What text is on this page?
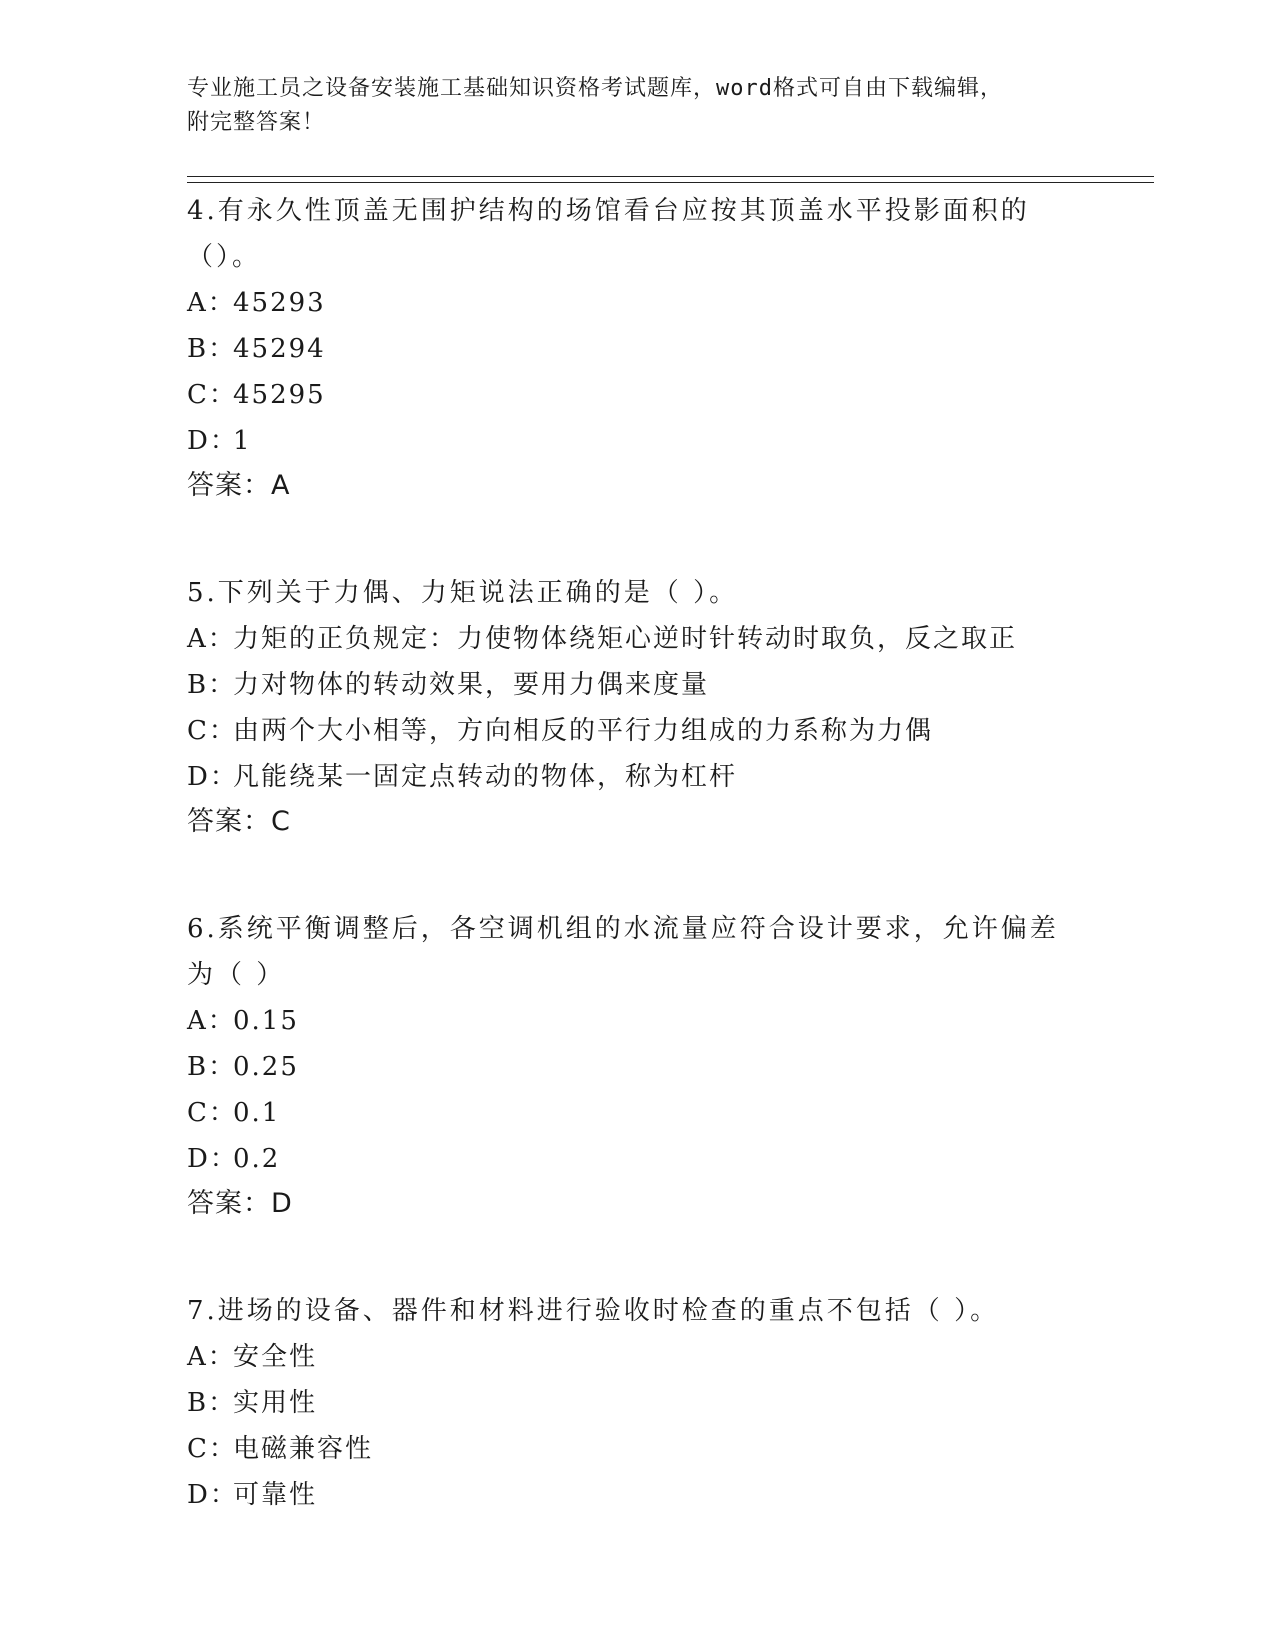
专业施工员之设备安装施工基础知识资格考试题库，word格式可自由下载编辑，
附完整答案！
4.有永久性顶盖无围护结构的场馆看台应按其顶盖水平投影面积的（）。
A：45293
B：45294
C：45295
D：1
答案：A
5.下列关于力偶、力矩说法正确的是（ ）。
A：力矩的正负规定：力使物体绕矩心逆时针转动时取负，反之取正
B：力对物体的转动效果，要用力偶来度量
C：由两个大小相等，方向相反的平行力组成的力系称为力偶
D：凡能绕某一固定点转动的物体，称为杠杆
答案：C
6.系统平衡调整后，各空调机组的水流量应符合设计要求，允许偏差为（ ）
A：0.15
B：0.25
C：0.1
D：0.2
答案：D
7.进场的设备、器件和材料进行验收时检查的重点不包括（ ）。
A：安全性
B：实用性
C：电磁兼容性
D：可靠性
